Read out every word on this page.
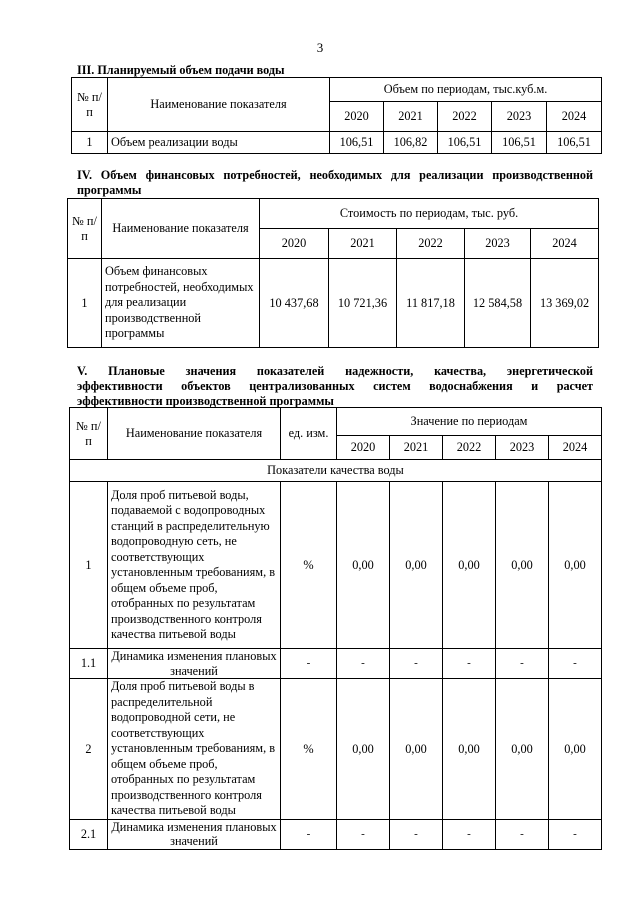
3
III. Планируемый объем подачи воды
№ п/п	Наименование показателя	Объем по периодам, тыс.куб.м.				
		2020	2021	2022	2023	2024
1	Объем реализации воды	106,51	106,82	106,51	106,51	106,51
IV. Объем финансовых потребностей, необходимых для реализации производственной
программы
№ п/п	Наименование показателя	Стоимость по периодам, тыс. руб.				
		2020	2021	2022	2023	2024
1	Объем финансовых потребностей, необходимых для реализации производственной программы	10 437,68	10 721,36	11 817,18	12 584,58	13 369,02
V. Плановые значения показателей надежности, качества, энергетической
эффективности объектов централизованных систем водоснабжения и расчет
эффективности производственной программы
№ п/п	Наименование показателя	ед. изм.	Значение по периодам				
			2020	2021	2022	2023	2024
Показатели качества воды							
1	Доля проб питьевой воды, подаваемой с водопроводных станций в распределительную водопроводную сеть, не соответствующих установленным требованиям, в общем объеме проб, отобранных по результатам производственного контроля качества питьевой воды	%	0,00	0,00	0,00	0,00	0,00
1.1	Динамика изменения плановых значений	-	-	-	-	-	-
2	Доля проб питьевой воды в распределительной водопроводной сети, не соответствующих установленным требованиям, в общем объеме проб, отобранных по результатам производственного контроля качества питьевой воды	%	0,00	0,00	0,00	0,00	0,00
2.1	Динамика изменения плановых значений	-	-	-	-	-	-
